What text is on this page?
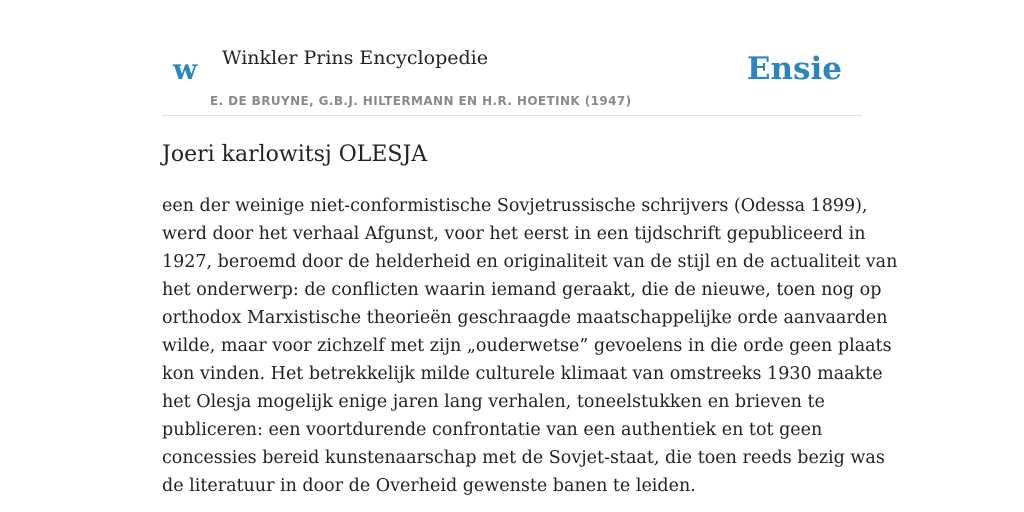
w Winkler Prins Encyclopedie	Ensie
E. DE BRUYNE, G.B.J. HILTERMANN EN H.R. HOETINK (1947)
Joeri karlowitsj OLESJA
een der weinige niet-conformistische Sovjetrussische schrijvers (Odessa 1899),
werd door het verhaal Afgunst, voor het eerst in een tijdschrift gepubliceerd in
1927, beroemd door de helderheid en originaliteit van de stijl en de actualiteit van
het onderwerp: de conflicten waarin iemand geraakt, die de nieuwe, toen nog op
orthodox Marxistische theorieën geschraagde maatschappelijke orde aanvaarden
wilde, maar voor zichzelf met zijn „ouderwetse” gevoelens in die orde geen plaats
kon vinden. Het betrekkelijk milde culturele klimaat van omstreeks 1930 maakte
het Olesja mogelijk enige jaren lang verhalen, toneelstukken en brieven te
publiceren: een voortdurende confrontatie van een authentiek en tot geen
concessies bereid kunstenaarschap met de Sovjet-staat, die toen reeds bezig was
de literatuur in door de Overheid gewenste banen te leiden.
